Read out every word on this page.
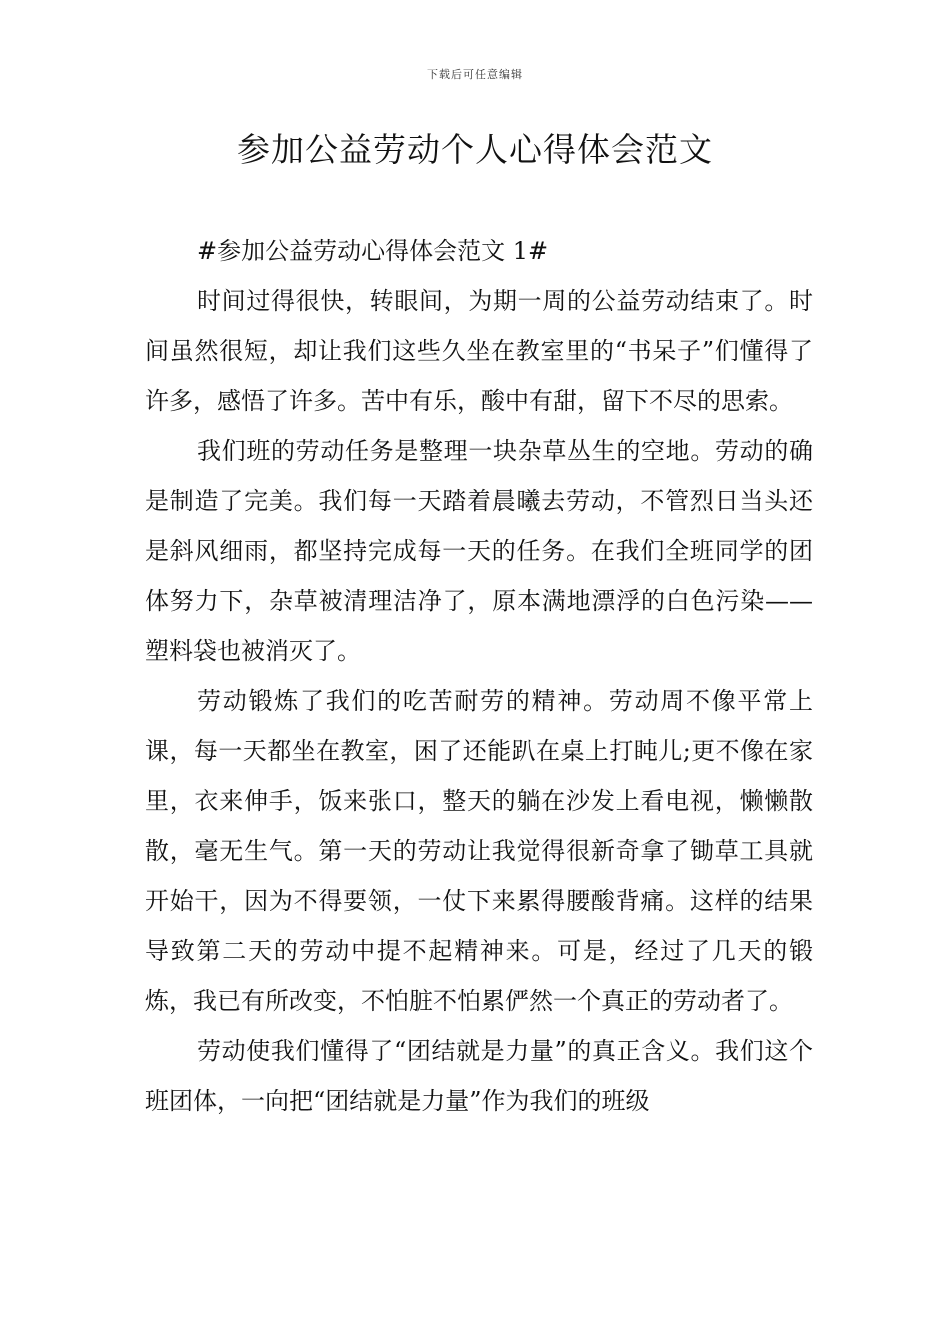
下载后可任意编辑
参加公益劳动个人心得体会范文

#参加公益劳动心得体会范文 1#

时间过得很快，转眼间，为期一周的公益劳动结束了。时间虽然很短，却让我们这些久坐在教室里的“书呆子”们懂得了许多，感悟了许多。苦中有乐，酸中有甜，留下不尽的思索。

我们班的劳动任务是整理一块杂草丛生的空地。劳动的确是制造了完美。我们每一天踏着晨曦去劳动，不管烈日当头还是斜风细雨，都坚持完成每一天的任务。在我们全班同学的团体努力下，杂草被清理洁净了，原本满地漂浮的白色污染——塑料袋也被消灭了。

劳动锻炼了我们的吃苦耐劳的精神。劳动周不像平常上课，每一天都坐在教室，困了还能趴在桌上打盹儿;更不像在家里，衣来伸手，饭来张口，整天的躺在沙发上看电视，懒懒散散，毫无生气。第一天的劳动让我觉得很新奇拿了锄草工具就开始干，因为不得要领，一仗下来累得腰酸背痛。这样的结果导致第二天的劳动中提不起精神来。可是，经过了几天的锻炼，我已有所改变，不怕脏不怕累俨然一个真正的劳动者了。

劳动使我们懂得了“团结就是力量”的真正含义。我们这个班团体，一向把“团结就是力量”作为我们的班级
